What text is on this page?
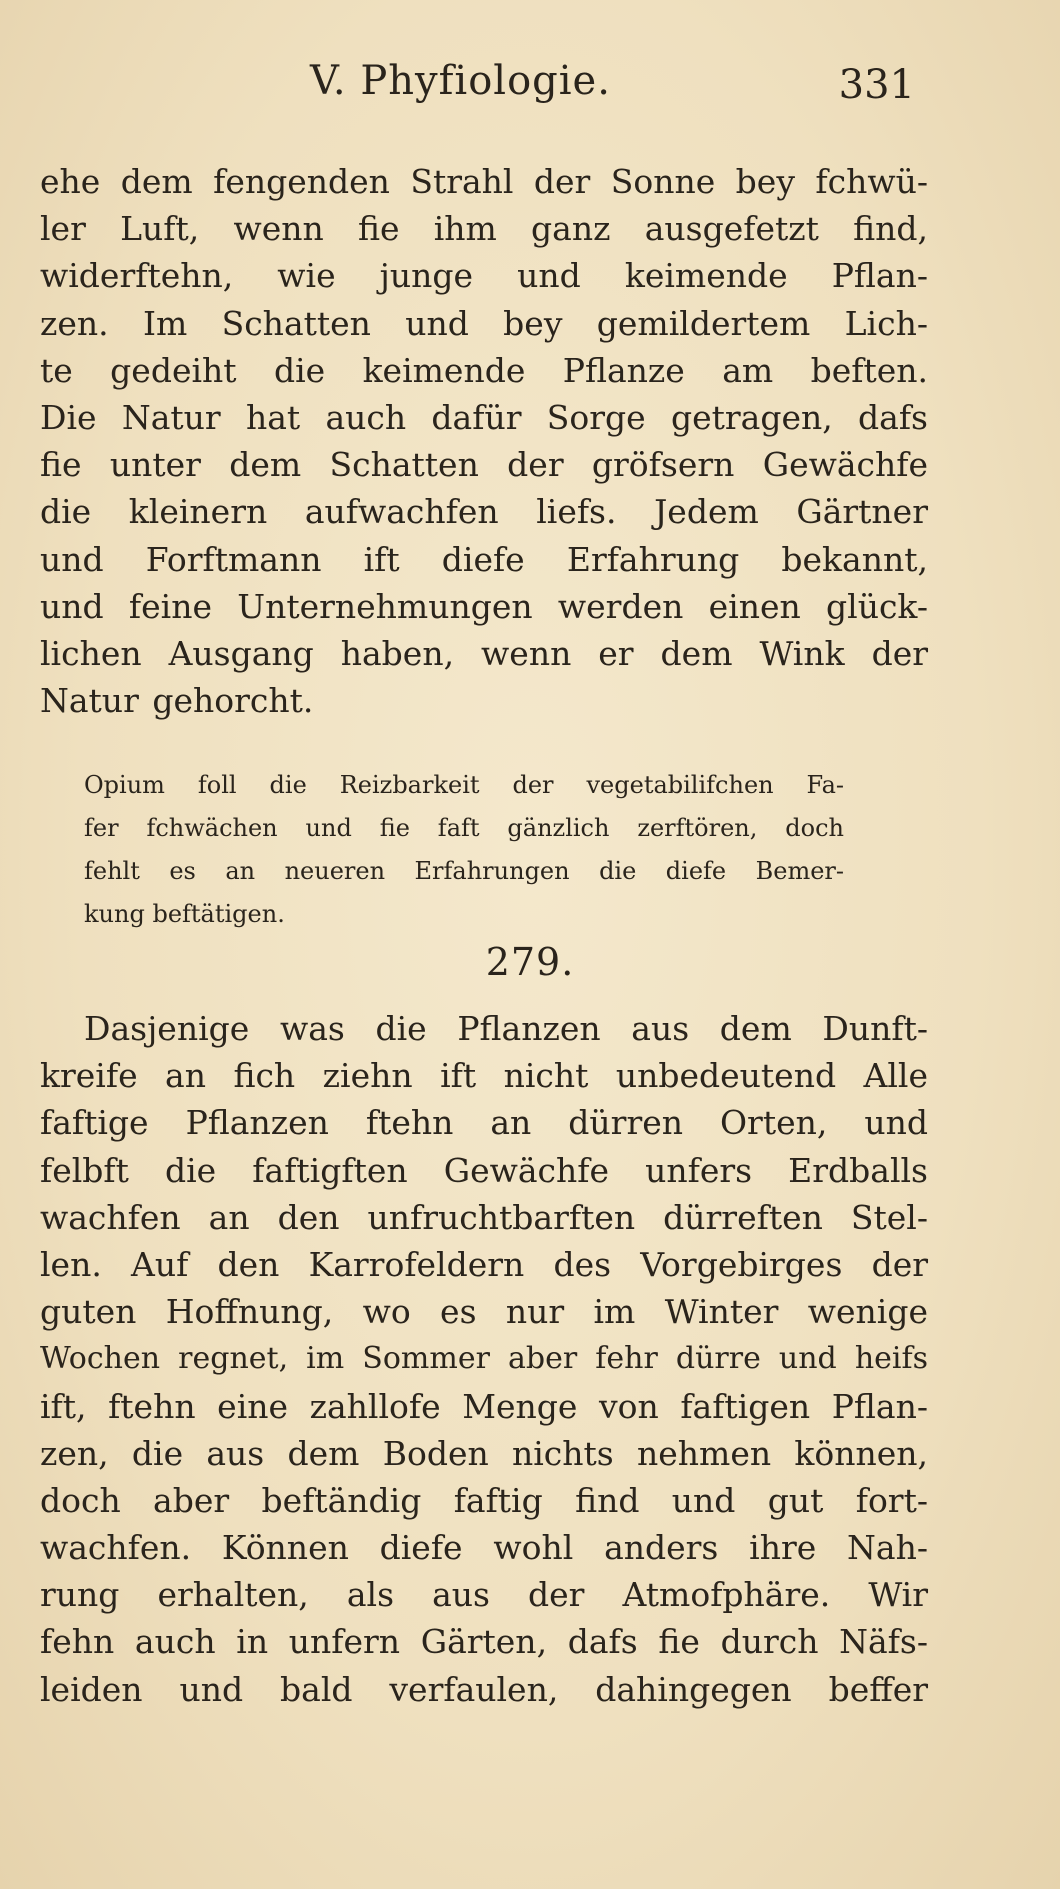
V. Phyfiologie.	331
ehe dem fengenden Strahl der Sonne bey fchwü-
ler Luft, wenn fie ihm ganz ausgefetzt find,
widerftehn, wie junge und keimende Pflan-
zen. Im Schatten und bey gemildertem Lich-
te gedeiht die keimende Pflanze am beften.
Die Natur hat auch dafür Sorge getragen, dafs
fie unter dem Schatten der gröfsern Gewächfe
die kleinern aufwachfen liefs. Jedem Gärtner
und Forftmann ift diefe Erfahrung bekannt,
und feine Unternehmungen werden einen glück-
lichen Ausgang haben, wenn er dem Wink der
Natur gehorcht.
Opium foll die Reizbarkeit der vegetabilifchen Fa-
fer fchwächen und fie faft gänzlich zerftören, doch
fehlt es an neueren Erfahrungen die diefe Bemer-
kung beftätigen.
279.
Dasjenige was die Pflanzen aus dem Dunft-
kreife an fich ziehn ift nicht unbedeutend Alle
faftige Pflanzen ftehn an dürren Orten, und
felbft die faftigften Gewächfe unfers Erdballs
wachfen an den unfruchtbarften dürreften Stel-
len. Auf den Karrofeldern des Vorgebirges der
guten Hoffnung, wo es nur im Winter wenige
Wochen regnet, im Sommer aber fehr dürre und heifs
ift, ftehn eine zahllofe Menge von faftigen Pflan-
zen, die aus dem Boden nichts nehmen können,
doch aber beftändig faftig find und gut fort-
wachfen. Können diefe wohl anders ihre Nah-
rung erhalten, als aus der Atmofphäre. Wir
fehn auch in unfern Gärten, dafs fie durch Näfs-
leiden und bald verfaulen, dahingegen beffer
